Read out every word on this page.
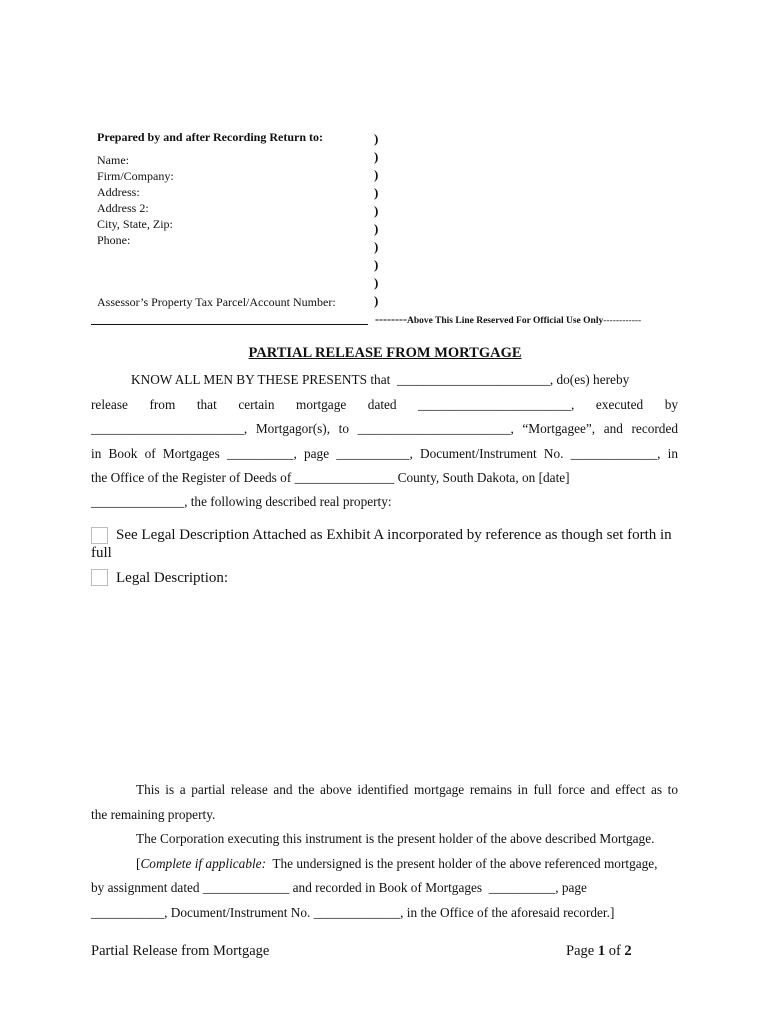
Prepared by and after Recording Return to:
Name:
Firm/Company:
Address:
Address 2:
City, State, Zip:
Phone:
Assessor’s Property Tax Parcel/Account Number:
)
)
)
)
)
)
)
)
)
)
--------Above This Line Reserved For Official Use Only------------
PARTIAL RELEASE FROM MORTGAGE
KNOW ALL MEN BY THESE PRESENTS that  _______________________, do(es) hereby
release from that certain mortgage dated _______________________, executed by
_______________________, Mortgagor(s), to _______________________, “Mortgagee”, and recorded
in Book of Mortgages __________, page ___________, Document/Instrument No. _____________, in
the Office of the Register of Deeds of _______________ County, South Dakota, on [date]
______________, the following described real property:
See Legal Description Attached as Exhibit A incorporated by reference as though set forth in
full
Legal Description:
This is a partial release and the above identified mortgage remains in full force and effect as to
the remaining property.
The Corporation executing this instrument is the present holder of the above described Mortgage.
[Complete if applicable:  The undersigned is the present holder of the above referenced mortgage,
by assignment dated _____________ and recorded in Book of Mortgages  __________, page
___________, Document/Instrument No. _____________, in the Office of the aforesaid recorder.]
Partial Release from Mortgage	Page 1 of 2
